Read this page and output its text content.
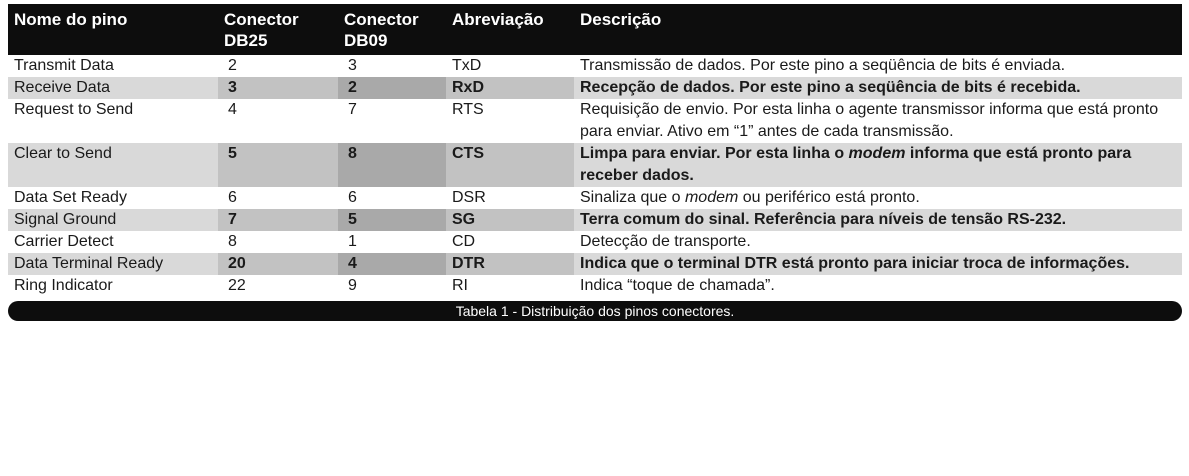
Nome do pino	Conector DB25	Conector DB09	Abreviação	Descrição
Transmit Data	2	3	TxD	Transmissão de dados. Por este pino a seqüência de bits é enviada.
Receive Data	3	2	RxD	Recepção de dados. Por este pino a seqüência de bits é recebida.
Request to Send	4	7	RTS	Requisição de envio. Por esta linha o agente transmissor informa que está pronto para enviar. Ativo em “1” antes de cada transmissão.
Clear to Send	5	8	CTS	Limpa para enviar. Por esta linha o modem informa que está pronto para receber dados.
Data Set Ready	6	6	DSR	Sinaliza que o modem ou periférico está pronto.
Signal Ground	7	5	SG	Terra comum do sinal. Referência para níveis de tensão RS-232.
Carrier Detect	8	1	CD	Detecção de transporte.
Data Terminal Ready	20	4	DTR	Indica que o terminal DTR está pronto para iniciar troca de informações.
Ring Indicator	22	9	RI	Indica “toque de chamada”.
Tabela 1 - Distribuição dos pinos conectores.
